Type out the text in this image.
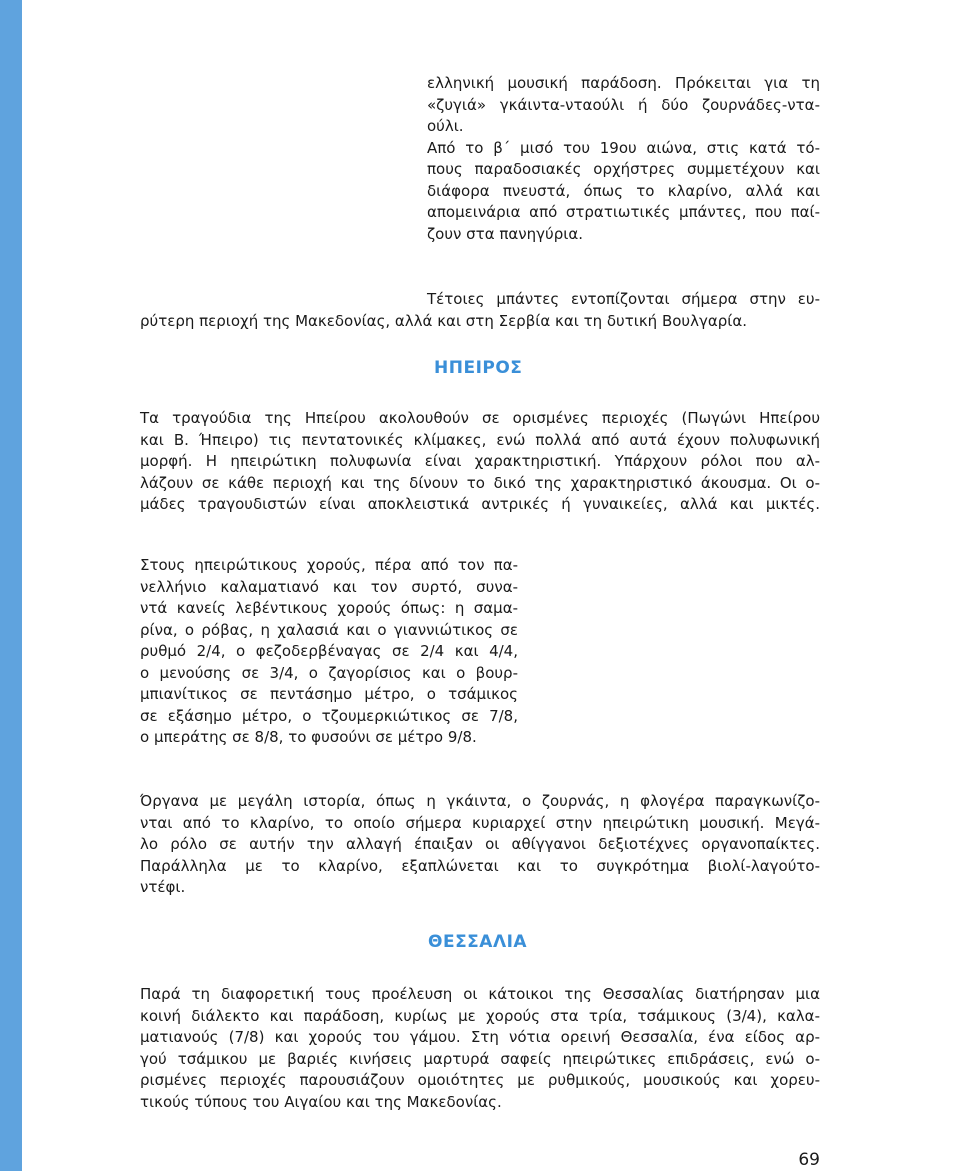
ελληνική μουσική παράδοση. Πρόκειται για τη
«ζυγιά» γκάιντα-νταούλι ή δύο ζουρνάδες-ντα-
ούλι.
Από το β΄ μισό του 19ου αιώνα, στις κατά τό-
πους παραδοσιακές ορχήστρες συμμετέχουν και
διάφορα πνευστά, όπως το κλαρίνο, αλλά και
απομεινάρια από στρατιωτικές μπάντες, που παί-
ζουν στα πανηγύρια.
Τέτοιες μπάντες εντοπίζονται σήμερα στην ευ-
ρύτερη περιοχή της Μακεδονίας, αλλά και στη Σερβία και τη δυτική Βουλγαρία.
ΗΠΕΙΡΟΣ
Τα τραγούδια της Ηπείρου ακολουθούν σε ορισμένες περιοχές (Πωγώνι Ηπείρου
και Β. Ήπειρο) τις πεντατονικές κλίμακες, ενώ πολλά από αυτά έχουν πολυφωνική
μορφή. Η ηπειρώτικη πολυφωνία είναι χαρακτηριστική. Υπάρχουν ρόλοι που αλ-
λάζουν σε κάθε περιοχή και της δίνουν το δικό της χαρακτηριστικό άκουσμα. Οι ο-
μάδες τραγουδιστών είναι αποκλειστικά αντρικές ή γυναικείες, αλλά και μικτές.
Στους ηπειρώτικους χορούς, πέρα από τον πα-
νελλήνιο καλαματιανό και τον συρτό, συνα-
ντά κανείς λεβέντικους χορούς όπως: η σαμα-
ρίνα, ο ρόβας, η χαλασιά και ο γιαννιώτικος σε
ρυθμό 2/4, ο φεζοδερβέναγας σε 2/4 και 4/4,
ο μενούσης σε 3/4, ο ζαγορίσιος και ο βουρ-
μπιανίτικος σε πεντάσημο μέτρο, ο τσάμικος
σε εξάσημο μέτρο, ο τζουμερκιώτικος σε 7/8,
ο μπεράτης σε 8/8, το φυσούνι σε μέτρο 9/8.
Όργανα με μεγάλη ιστορία, όπως η γκάιντα, ο ζουρνάς, η φλογέρα παραγκωνίζο-
νται από το κλαρίνο, το οποίο σήμερα κυριαρχεί στην ηπειρώτικη μουσική. Μεγά-
λο ρόλο σε αυτήν την αλλαγή έπαιξαν οι αθίγγανοι δεξιοτέχνες οργανοπαίκτες.
Παράλληλα με το κλαρίνο, εξαπλώνεται και το συγκρότημα βιολί-λαγούτο-
ντέφι.
ΘΕΣΣΑΛΙΑ
Παρά τη διαφορετική τους προέλευση οι κάτοικοι της Θεσσαλίας διατήρησαν μια
κοινή διάλεκτο και παράδοση, κυρίως με χορούς στα τρία, τσάμικους (3/4), καλα-
ματιανούς (7/8) και χορούς του γάμου. Στη νότια ορεινή Θεσσαλία, ένα είδος αρ-
γού τσάμικου με βαριές κινήσεις μαρτυρά σαφείς ηπειρώτικες επιδράσεις, ενώ ο-
ρισμένες περιοχές παρουσιάζουν ομοιότητες με ρυθμικούς, μουσικούς και χορευ-
τικούς τύπους του Αιγαίου και της Μακεδονίας.
69
